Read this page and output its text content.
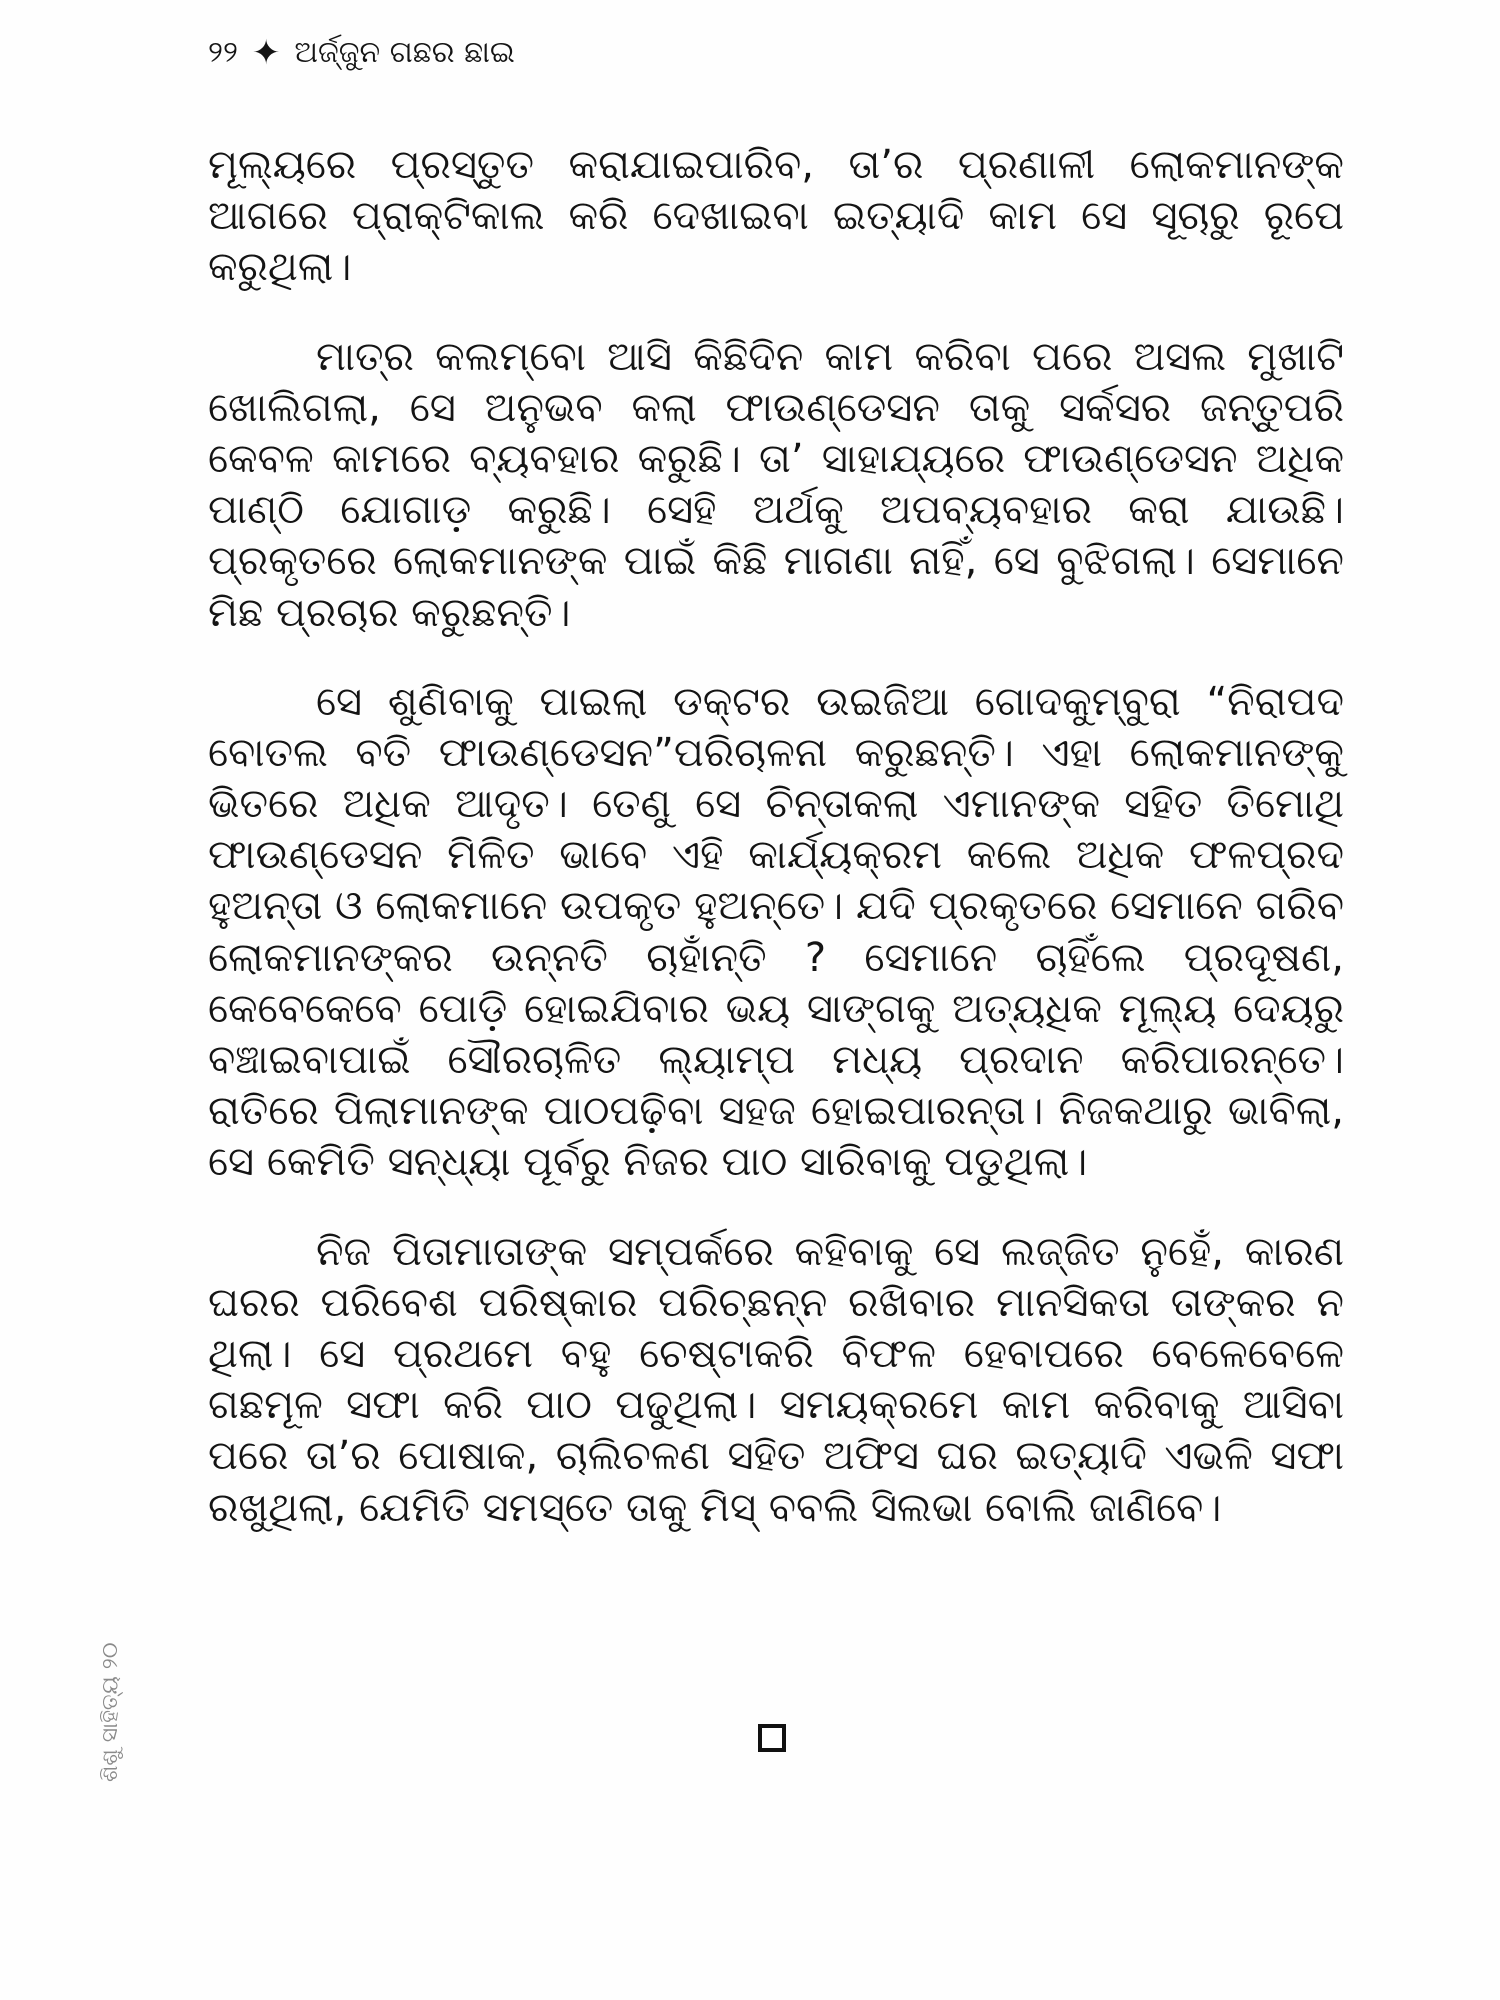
୨୨ ✦ ଅର୍ଜ୍ଜୁନ ଗଛର ଛାଇ

ମୂଲ୍ୟରେ ପ୍ରସ୍ତୁତ କରାଯାଇପାରିବ, ତା’ର ପ୍ରଣାଳୀ ଲୋକମାନଙ୍କ ଆଗରେ ପ୍ରାକ୍ଟିକାଲ କରି ଦେଖାଇବା ଇତ୍ୟାଦି କାମ ସେ ସୂଚାରୁ ରୂପେ କରୁଥିଲା।

ମାତ୍ର କଲମ୍ବୋ ଆସି କିଛିଦିନ କାମ କରିବା ପରେ ଅସଲ ମୁଖାଟି ଖୋଲିଗଲା, ସେ ଅନୁଭବ କଲା ଫାଉଣ୍ଡେସନ ତାକୁ ସର୍କସର ଜନ୍ତୁପରି କେବଳ କାମରେ ବ୍ୟବହାର କରୁଛି। ତା’ ସାହାଯ୍ୟରେ ଫାଉଣ୍ଡେସନ ଅଧିକ ପାଣ୍ଠି ଯୋଗାଡ଼ କରୁଛି। ସେହି ଅର୍ଥକୁ ଅପବ୍ୟବହାର କରା ଯାଉଛି। ପ୍ରକୃତରେ ଲୋକମାନଙ୍କ ପାଇଁ କିଛି ମାଗଣା ନାହିଁ, ସେ ବୁଝିଗଲା। ସେମାନେ ମିଛ ପ୍ରଚାର କରୁଛନ୍ତି।

ସେ ଶୁଣିବାକୁ ପାଇଲା ଡକ୍ଟର ଉଇଜିଆ ଗୋଦକୁମ୍ବୁରା “ନିରାପଦ ବୋତଲ ବତି ଫାଉଣ୍ଡେସନ”ପରିଚାଳନା କରୁଛନ୍ତି। ଏହା ଲୋକମାନଙ୍କୁ ଭିତରେ ଅଧିକ ଆଦୃତ। ତେଣୁ ସେ ଚିନ୍ତାକଲା ଏମାନଙ୍କ ସହିତ ତିମୋଥି ଫାଉଣ୍ଡେସନ ମିଳିତ ଭାବେ ଏହି କାର୍ଯ୍ୟକ୍ରମ କଲେ ଅଧିକ ଫଳପ୍ରଦ ହୁଅନ୍ତା ଓ ଲୋକମାନେ ଉପକୃତ ହୁଅନ୍ତେ। ଯଦି ପ୍ରକୃତରେ ସେମାନେ ଗରିବ ଲୋକମାନଙ୍କର ଉନ୍ନତି ଚାହାଁନ୍ତି ? ସେମାନେ ଚାହିଁଲେ ପ୍ରଦୂଷଣ, କେବେକେବେ ପୋଡ଼ି ହୋଇଯିବାର ଭୟ ସାଙ୍ଗକୁ ଅତ୍ୟଧିକ ମୂଲ୍ୟ ଦେୟରୁ ବଞ୍ଚାଇବାପାଇଁ ସୌରଚାଳିତ ଲ୍ୟାମ୍ପ ମଧ୍ୟ ପ୍ରଦାନ କରିପାରନ୍ତେ। ରାତିରେ ପିଲାମାନଙ୍କ ପାଠପଢ଼ିବା ସହଜ ହୋଇପାରନ୍ତା। ନିଜକଥାରୁ ଭାବିଲା, ସେ କେମିତି ସନ୍ଧ୍ୟା ପୂର୍ବରୁ ନିଜର ପାଠ ସାରିବାକୁ ପଡୁଥିଲା।

ନିଜ ପିତାମାତାଙ୍କ ସମ୍ପର୍କରେ କହିବାକୁ ସେ ଲଜ୍ଜିତ ନୁହେଁ, କାରଣ ଘରର ପରିବେଶ ପରିଷ୍କାର ପରିଚ୍ଛନ୍ନ ରଖିବାର ମାନସିକତା ତାଙ୍କର ନ ଥିଲା। ସେ ପ୍ରଥମେ ବହୁ ଚେଷ୍ଟାକରି ବିଫଳ ହେବାପରେ ବେଳେବେଳେ ଗଛମୂଳ ସଫା କରି ପାଠ ପଢୁଥିଲା। ସମୟକ୍ରମେ କାମ କରିବାକୁ ଆସିବା ପରେ ତା’ର ପୋଷାକ, ଚାଲିଚଳଣ ସହିତ ଅଫିସ ଘର ଇତ୍ୟାଦି ଏଭଳି ସଫା ରଖୁଥିଲା, ଯେମିତି ସମସ୍ତେ ତାକୁ ମିସ୍ ବବଲି ସିଲଭା ବୋଲି ଜାଣିବେ।

ଶିଶୁ ସାହିତ୍ୟ ୨୦
